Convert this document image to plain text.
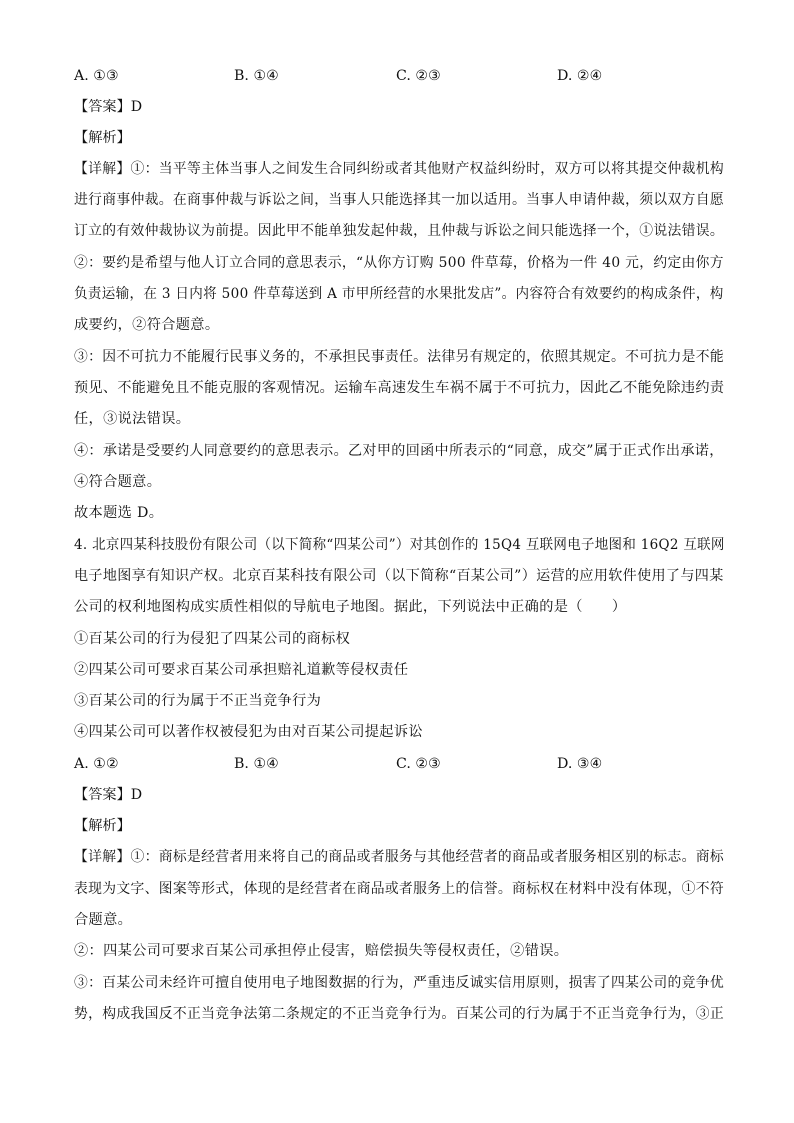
A. ①③	B. ①④	C. ②③	D. ②④
【答案】D
【解析】
【详解】①：当平等主体当事人之间发生合同纠纷或者其他财产权益纠纷时，双方可以将其提交仲裁机构
进行商事仲裁。在商事仲裁与诉讼之间，当事人只能选择其一加以适用。当事人申请仲裁，须以双方自愿
订立的有效仲裁协议为前提。因此甲不能单独发起仲裁，且仲裁与诉讼之间只能选择一个，①说法错误。
②：要约是希望与他人订立合同的意思表示，“从你方订购 500 件草莓，价格为一件 40 元，约定由你方
负责运输，在 3 日内将 500 件草莓送到 A 市甲所经营的水果批发店”。内容符合有效要约的构成条件，构
成要约，②符合题意。
③：因不可抗力不能履行民事义务的，不承担民事责任。法律另有规定的，依照其规定。不可抗力是不能
预见、不能避免且不能克服的客观情况。运输车高速发生车祸不属于不可抗力，因此乙不能免除违约责
任，③说法错误。
④：承诺是受要约人同意要约的意思表示。乙对甲的回函中所表示的“同意，成交”属于正式作出承诺，
④符合题意。
故本题选 D。
4. 北京四某科技股份有限公司（以下简称“四某公司”）对其创作的 15Q4 互联网电子地图和 16Q2 互联网
电子地图享有知识产权。北京百某科技有限公司（以下简称“百某公司”）运营的应用软件使用了与四某
公司的权利地图构成实质性相似的导航电子地图。据此，下列说法中正确的是（　　）
①百某公司的行为侵犯了四某公司的商标权
②四某公司可要求百某公司承担赔礼道歉等侵权责任
③百某公司的行为属于不正当竞争行为
④四某公司可以著作权被侵犯为由对百某公司提起诉讼
A. ①②	B. ①④	C. ②③	D. ③④
【答案】D
【解析】
【详解】①：商标是经营者用来将自己的商品或者服务与其他经营者的商品或者服务相区别的标志。商标
表现为文字、图案等形式，体现的是经营者在商品或者服务上的信誉。商标权在材料中没有体现，①不符
合题意。
②：四某公司可要求百某公司承担停止侵害，赔偿损失等侵权责任，②错误。
③：百某公司未经许可擅自使用电子地图数据的行为，严重违反诚实信用原则，损害了四某公司的竞争优
势，构成我国反不正当竞争法第二条规定的不正当竞争行为。百某公司的行为属于不正当竞争行为，③正
